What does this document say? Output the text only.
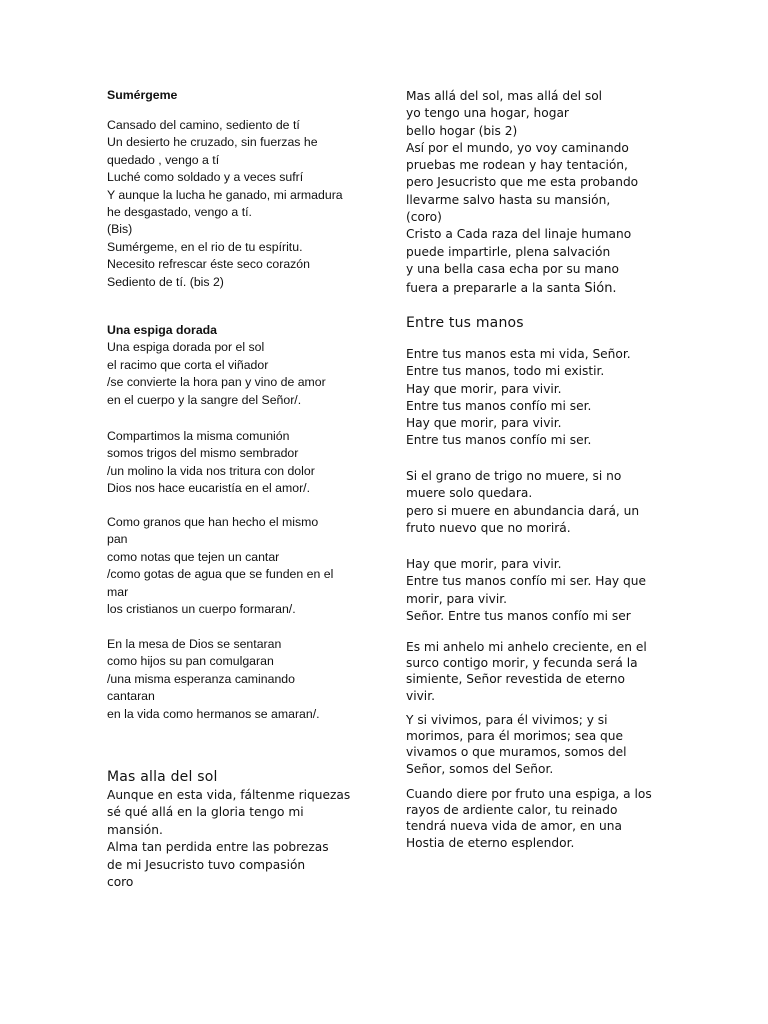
Sumérgeme
Cansado del camino, sediento de tí
Un desierto he cruzado, sin fuerzas he
quedado , vengo a tí
Luché como soldado y a veces sufrí
Y aunque la lucha he ganado, mi armadura
he desgastado, vengo a tí.
(Bis)
Sumérgeme, en el rio de tu espíritu.
Necesito refrescar éste seco corazón
Sediento de tí. (bis 2)
Una espiga dorada
Una espiga dorada por el sol
el racimo que corta el viñador
/se convierte la hora pan y vino de amor
en el cuerpo y la sangre del Señor/.
Compartimos la misma comunión
somos trigos del mismo sembrador
/un molino la vida nos tritura con dolor
Dios nos hace eucaristía en el amor/.
Como granos que han hecho el mismo
pan
como notas que tejen un cantar
/como gotas de agua que se funden en el
mar
los cristianos un cuerpo formaran/.
En la mesa de Dios se sentaran
como hijos su pan comulgaran
/una misma esperanza caminando
cantaran
en la vida como hermanos se amaran/.
Mas alla del sol
Aunque en esta vida, fáltenme riquezas
sé qué allá en la gloria tengo mi
mansión.
Alma tan perdida entre las pobrezas
de mi Jesucristo tuvo compasión
coro
Mas allá del sol, mas allá del sol
yo tengo una hogar, hogar
bello hogar (bis 2)
Así por el mundo, yo voy caminando
pruebas me rodean y hay tentación,
pero Jesucristo que me esta probando
llevarme salvo hasta su mansión,
(coro)
Cristo a Cada raza del linaje humano
puede impartirle, plena salvación
y una bella casa echa por su mano
fuera a prepararle a la santa Sión.
Entre tus manos
Entre tus manos esta mi vida, Señor.
Entre tus manos, todo mi existir.
Hay que morir, para vivir.
Entre tus manos confío mi ser.
Hay que morir, para vivir.
Entre tus manos confío mi ser.
Si el grano de trigo no muere, si no
muere solo quedara.
pero si muere en abundancia dará, un
fruto nuevo que no morirá.
Hay que morir, para vivir.
Entre tus manos confío mi ser. Hay que
morir, para vivir.
Señor. Entre tus manos confío mi ser
Es mi anhelo mi anhelo creciente, en el
surco contigo morir, y fecunda será la
simiente, Señor revestida de eterno
vivir.
Y si vivimos, para él vivimos; y si
morimos, para él morimos; sea que
vivamos o que muramos, somos del
Señor, somos del Señor.
Cuando diere por fruto una espiga, a los
rayos de ardiente calor, tu reinado
tendrá nueva vida de amor, en una
Hostia de eterno esplendor.
